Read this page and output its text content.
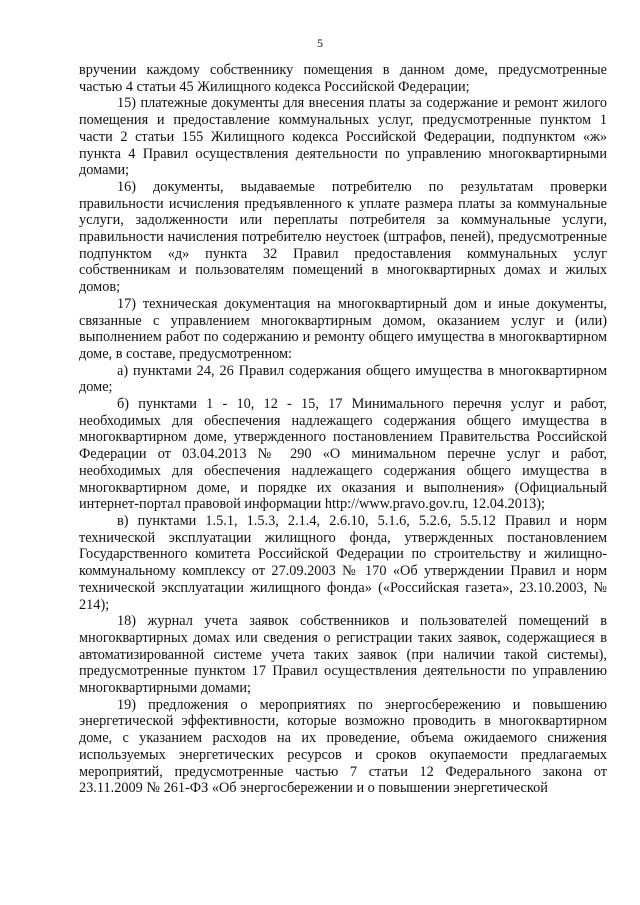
5

вручении каждому собственнику помещения в данном доме, предусмотренные частью 4 статьи 45 Жилищного кодекса Российской Федерации;

15) платежные документы для внесения платы за содержание и ремонт жилого помещения и предоставление коммунальных услуг, предусмотренные пунктом 1 части 2 статьи 155 Жилищного кодекса Российской Федерации, подпунктом «ж» пункта 4 Правил осуществления деятельности по управлению многоквартирными домами;

16) документы, выдаваемые потребителю по результатам проверки правильности исчисления предъявленного к уплате размера платы за коммунальные услуги, задолженности или переплаты потребителя за коммунальные услуги, правильности начисления потребителю неустоек (штрафов, пеней), предусмотренные подпунктом «д» пункта 32 Правил предоставления коммунальных услуг собственникам и пользователям помещений в многоквартирных домах и жилых домов;

17) техническая документация на многоквартирный дом и иные документы, связанные с управлением многоквартирным домом, оказанием услуг и (или) выполнением работ по содержанию и ремонту общего имущества в многоквартирном доме, в составе, предусмотренном:

а) пунктами 24, 26 Правил содержания общего имущества в многоквартирном доме;

б) пунктами 1 - 10, 12 - 15, 17 Минимального перечня услуг и работ, необходимых для обеспечения надлежащего содержания общего имущества в многоквартирном доме, утвержденного постановлением Правительства Российской Федерации от 03.04.2013 № 290 «О минимальном перечне услуг и работ, необходимых для обеспечения надлежащего содержания общего имущества в многоквартирном доме, и порядке их оказания и выполнения» (Официальный интернет-портал правовой информации http://www.pravo.gov.ru, 12.04.2013);

в) пунктами 1.5.1, 1.5.3, 2.1.4, 2.6.10, 5.1.6, 5.2.6, 5.5.12 Правил и норм технической эксплуатации жилищного фонда, утвержденных постановлением Государственного комитета Российской Федерации по строительству и жилищно-коммунальному комплексу от 27.09.2003 № 170 «Об утверждении Правил и норм технической эксплуатации жилищного фонда» («Российская газета», 23.10.2003, № 214);

18) журнал учета заявок собственников и пользователей помещений в многоквартирных домах или сведения о регистрации таких заявок, содержащиеся в автоматизированной системе учета таких заявок (при наличии такой системы), предусмотренные пунктом 17 Правил осуществления деятельности по управлению многоквартирными домами;

19) предложения о мероприятиях по энергосбережению и повышению энергетической эффективности, которые возможно проводить в многоквартирном доме, с указанием расходов на их проведение, объема ожидаемого снижения используемых энергетических ресурсов и сроков окупаемости предлагаемых мероприятий, предусмотренные частью 7 статьи 12 Федерального закона от 23.11.2009 № 261-ФЗ «Об энергосбережении и о повышении энергетической
